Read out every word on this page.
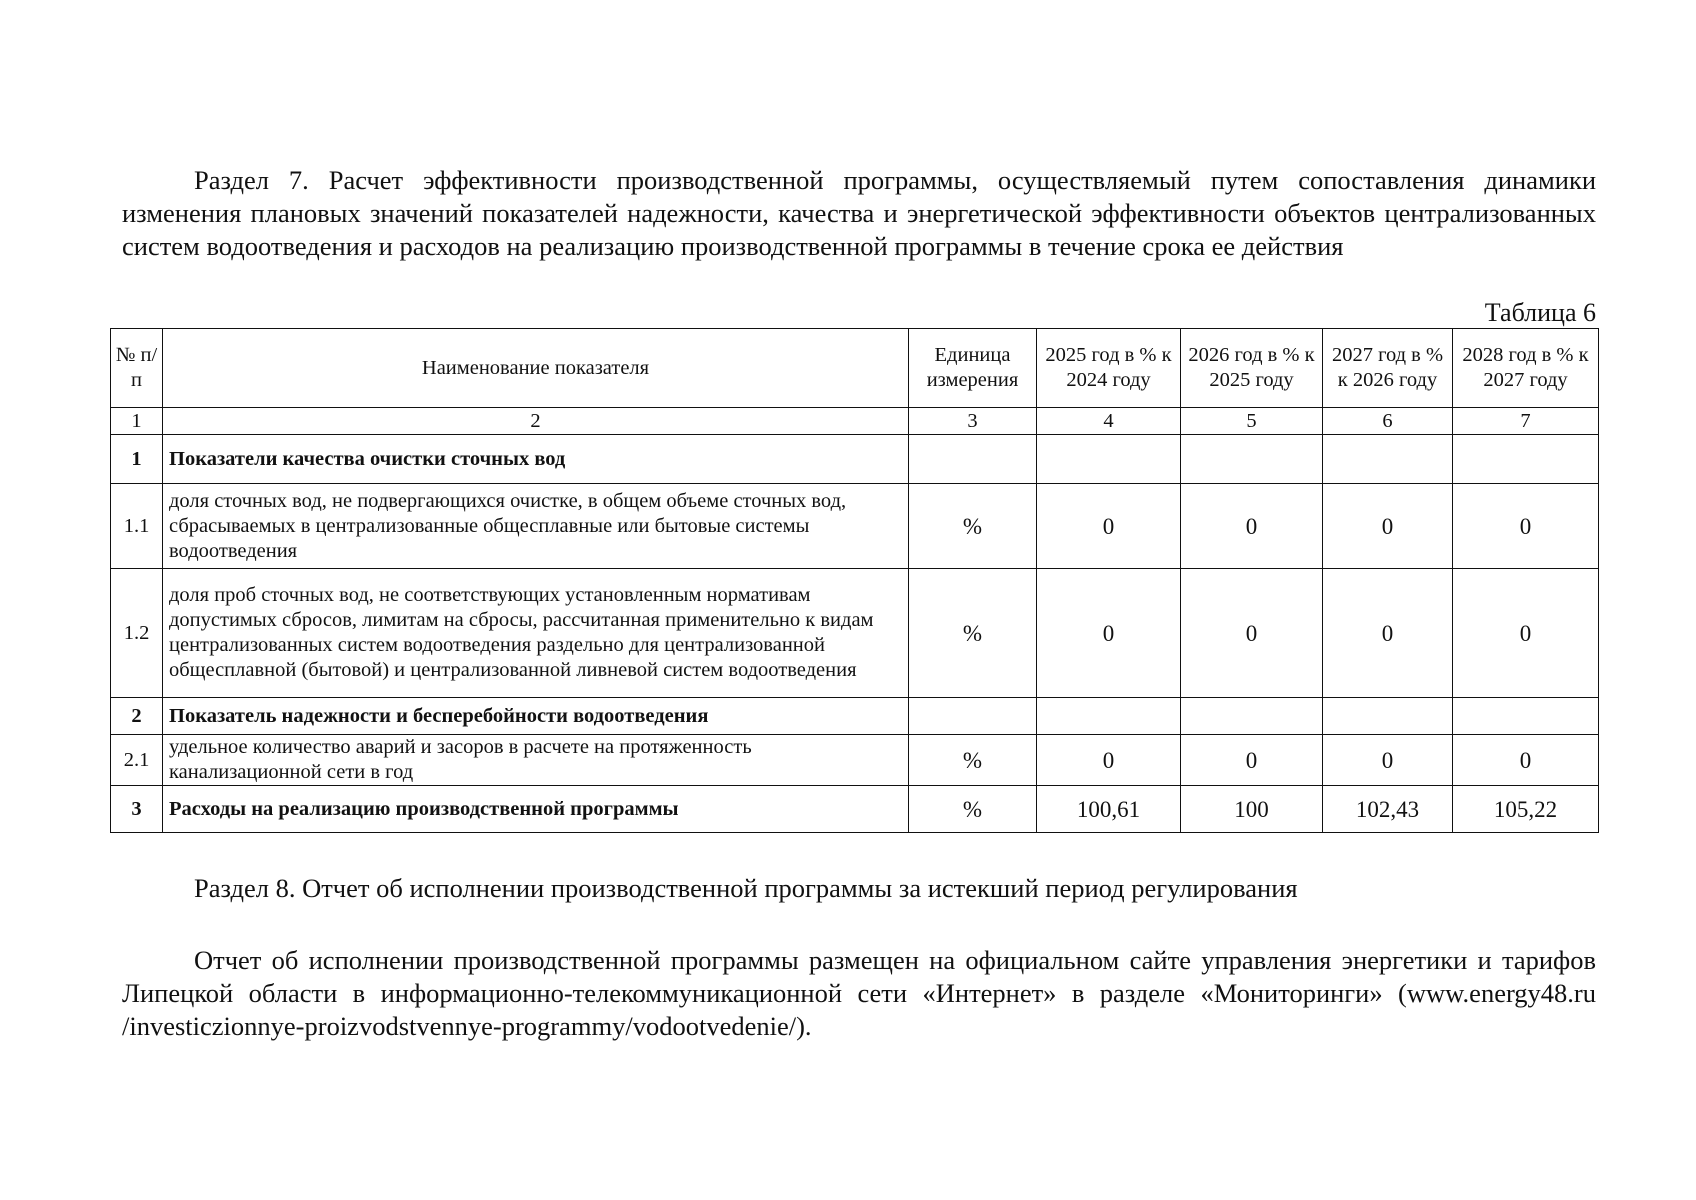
Раздел 7. Расчет эффективности производственной программы, осуществляемый путем сопоставления динамики изменения плановых значений показателей надежности, качества и энергетической эффективности объектов централизованных систем водоотведения и расходов на реализацию производственной программы в течение срока ее действия

Таблица 6

№ п/п	Наименование показателя	Единица измерения	2025 год в % к 2024 году	2026 год в % к 2025 году	2027 год в % к 2026 году	2028 год в % к 2027 году
1	2	3	4	5	6	7
1	Показатели качества очистки сточных вод					
1.1	доля сточных вод, не подвергающихся очистке, в общем объеме сточных вод, сбрасываемых в централизованные общесплавные или бытовые системы водоотведения	%	0	0	0	0
1.2	доля проб сточных вод, не соответствующих установленным нормативам допустимых сбросов, лимитам на сбросы, рассчитанная применительно к видам централизованных систем водоотведения раздельно для централизованной общесплавной (бытовой) и централизованной ливневой систем водоотведения	%	0	0	0	0
2	Показатель надежности и бесперебойности водоотведения					
2.1	удельное количество аварий и засоров в расчете на протяженность канализационной сети в год	%	0	0	0	0
3	Расходы на реализацию производственной программы	%	100,61	100	102,43	105,22

Раздел 8. Отчет об исполнении производственной программы за истекший период регулирования

Отчет об исполнении производственной программы размещен на официальном сайте управления энергетики и тарифов Липецкой области в информационно-телекоммуникационной сети «Интернет» в разделе «Мониторинги» (www.energy48.ru /investiczionnye-proizvodstvennye-programmy/vodootvedenie/).
